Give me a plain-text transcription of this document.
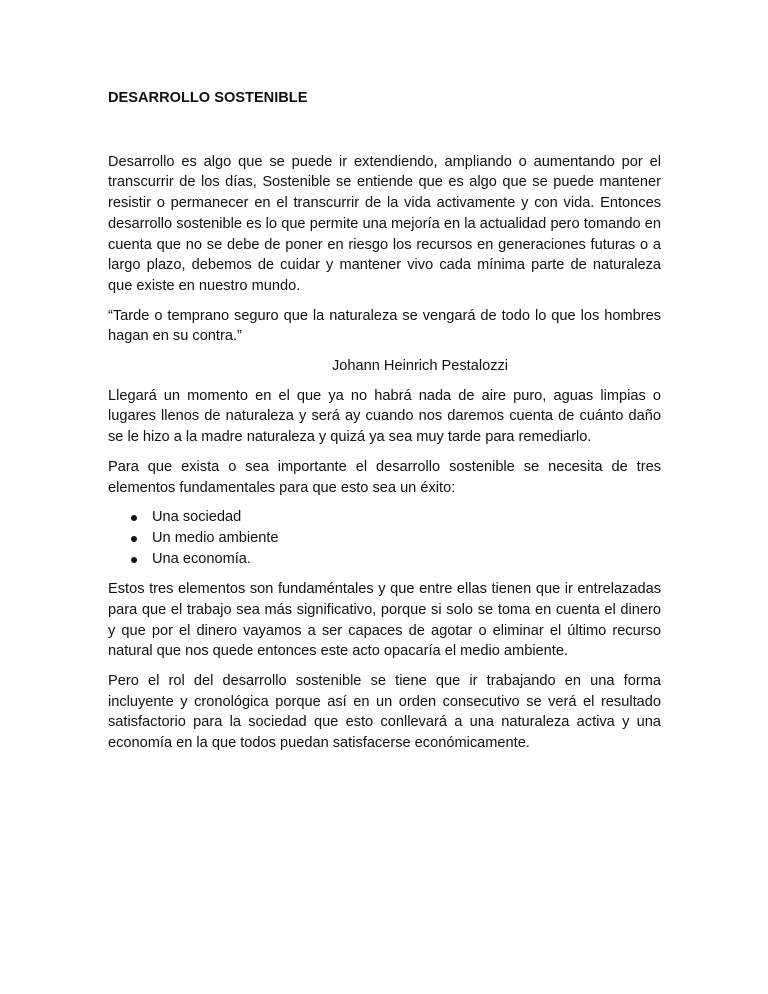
DESARROLLO SOSTENIBLE

Desarrollo es algo que se puede ir extendiendo, ampliando o aumentando por el transcurrir de los días, Sostenible se entiende que es algo que se puede mantener resistir o permanecer en el transcurrir de la vida activamente y con vida. Entonces desarrollo sostenible es lo que permite una mejoría en la actualidad pero tomando en cuenta que no se debe de poner en riesgo los recursos en generaciones futuras o a largo plazo, debemos de cuidar y mantener vivo cada mínima parte de naturaleza que existe en nuestro mundo.

“Tarde o temprano seguro que la naturaleza se vengará de todo lo que los hombres hagan en su contra.”

Johann Heinrich Pestalozzi

Llegará un momento en el que ya no habrá nada de aire puro, aguas limpias o lugares llenos de naturaleza y será ay cuando nos daremos cuenta de cuánto daño se le hizo a la madre naturaleza y quizá ya sea muy tarde para remediarlo.

Para que exista o sea importante el desarrollo sostenible se necesita de tres elementos fundamentales para que esto sea un éxito:

Una sociedad
Un medio ambiente
Una economía.

Estos tres elementos son fundaméntales y que entre ellas tienen que ir entrelazadas para que el trabajo sea más significativo, porque si solo se toma en cuenta el dinero y que por el dinero vayamos a ser capaces de agotar o eliminar el último recurso natural que nos quede entonces este acto opacaría el medio ambiente.

Pero el rol del desarrollo sostenible se tiene que ir trabajando en una forma incluyente y cronológica porque así en un orden consecutivo se verá el resultado satisfactorio para la sociedad que esto conllevará a una naturaleza activa y una economía en la que todos puedan satisfacerse económicamente.
